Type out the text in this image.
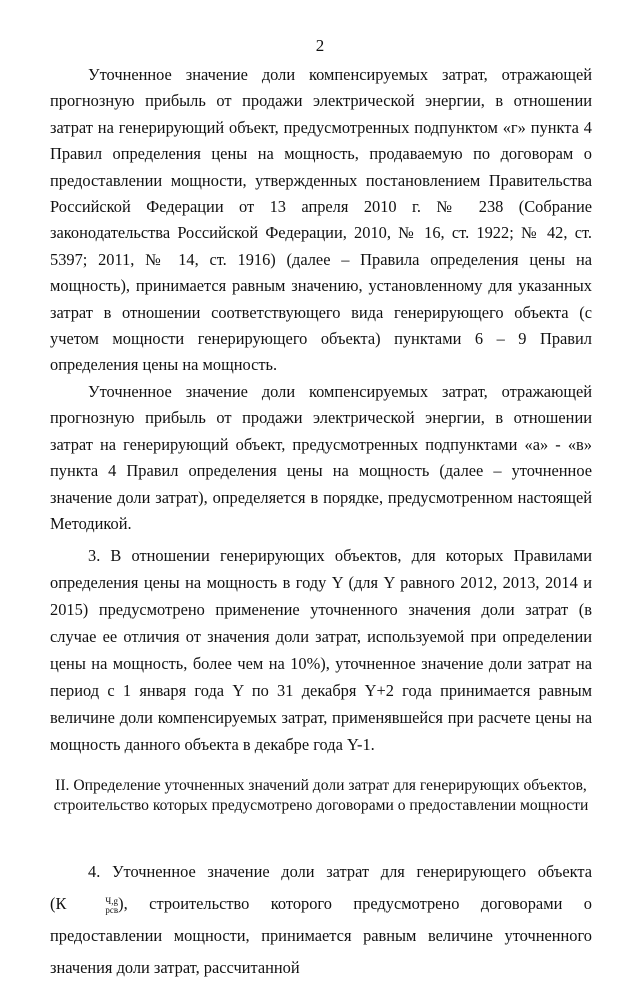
2

Уточненное значение доли компенсируемых затрат, отражающей прогнозную прибыль от продажи электрической энергии, в отношении затрат на генерирующий объект, предусмотренных подпунктом «г» пункта 4 Правил определения цены на мощность, продаваемую по договорам о предоставлении мощности, утвержденных постановлением Правительства Российской Федерации от 13 апреля 2010 г. № 238 (Собрание законодательства Российской Федерации, 2010, № 16, ст. 1922; № 42, ст. 5397; 2011, № 14, ст. 1916) (далее – Правила определения цены на мощность), принимается равным значению, установленному для указанных затрат в отношении соответствующего вида генерирующего объекта (с учетом мощности генерирующего объекта) пунктами 6 – 9 Правил определения цены на мощность.

Уточненное значение доли компенсируемых затрат, отражающей прогнозную прибыль от продажи электрической энергии, в отношении затрат на генерирующий объект, предусмотренных подпунктами «а» - «в» пункта 4 Правил определения цены на мощность (далее – уточненное значение доли затрат), определяется в порядке, предусмотренном настоящей Методикой.

3. В отношении генерирующих объектов, для которых Правилами определения цены на мощность в году Y (для Y равного 2012, 2013, 2014 и 2015) предусмотрено применение уточненного значения доли затрат (в случае ее отличия от значения доли затрат, используемой при определении цены на мощность, более чем на 10%), уточненное значение доли затрат на период с 1 января года Y по 31 декабря Y+2 года принимается равным величине доли компенсируемых затрат, применявшейся при расчете цены на мощность данного объекта в декабре года Y-1.

II. Определение уточненных значений доли затрат для генерирующих объектов,
строительство которых предусмотрено договорами о предоставлении мощности

4. Уточненное значение доли затрат для генерирующего объекта (К	Ч,g
рсв ), строительство которого предусмотрено договорами о предоставлении мощности, принимается равным величине уточненного значения доли затрат, рассчитанной
